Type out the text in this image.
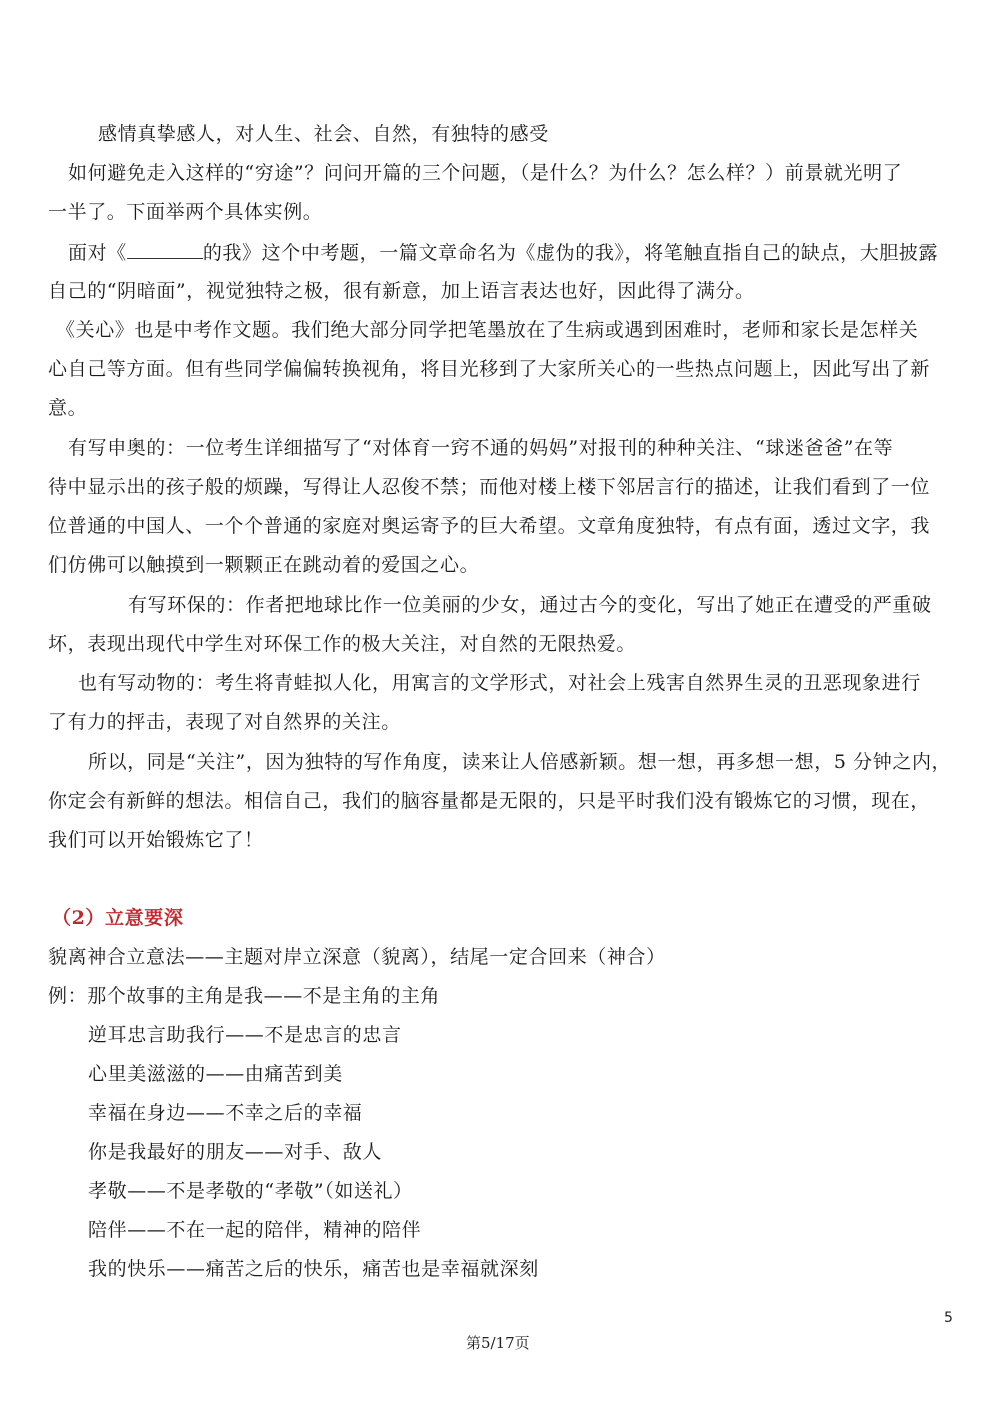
感情真挚感人，对人生、社会、自然，有独特的感受
如何避免走入这样的“穷途”？问问开篇的三个问题，（是什么？为什么？怎么样？）前景就光明了
一半了。下面举两个具体实例。
面对《	的我》这个中考题，一篇文章命名为《虚伪的我》，将笔触直指自己的缺点，大胆披露
自己的“阴暗面”，视觉独特之极，很有新意，加上语言表达也好，因此得了满分。
《关心》也是中考作文题。我们绝大部分同学把笔墨放在了生病或遇到困难时，老师和家长是怎样关
心自己等方面。但有些同学偏偏转换视角，将目光移到了大家所关心的一些热点问题上，因此写出了新
意。
有写申奥的：一位考生详细描写了“对体育一窍不通的妈妈”对报刊的种种关注、“球迷爸爸”在等
待中显示出的孩子般的烦躁，写得让人忍俊不禁；而他对楼上楼下邻居言行的描述，让我们看到了一位
位普通的中国人、一个个普通的家庭对奥运寄予的巨大希望。文章角度独特，有点有面，透过文字，我
们仿佛可以触摸到一颗颗正在跳动着的爱国之心。
有写环保的：作者把地球比作一位美丽的少女，通过古今的变化，写出了她正在遭受的严重破
坏，表现出现代中学生对环保工作的极大关注，对自然的无限热爱。
也有写动物的：考生将青蛙拟人化，用寓言的文学形式，对社会上残害自然界生灵的丑恶现象进行
了有力的抨击，表现了对自然界的关注。
所以，同是“关注”，因为独特的写作角度，读来让人倍感新颖。想一想，再多想一想，5 分钟之内，
你定会有新鲜的想法。相信自己，我们的脑容量都是无限的，只是平时我们没有锻炼它的习惯，现在，
我们可以开始锻炼它了！
（2）立意要深
貌离神合立意法——主题对岸立深意（貌离），结尾一定合回来（神合）
例：那个故事的主角是我——不是主角的主角
逆耳忠言助我行——不是忠言的忠言
心里美滋滋的——由痛苦到美
幸福在身边——不幸之后的幸福
你是我最好的朋友——对手、敌人
孝敬——不是孝敬的“孝敬”（如送礼）
陪伴——不在一起的陪伴，精神的陪伴
我的快乐——痛苦之后的快乐，痛苦也是幸福就深刻
5
第5/17页
